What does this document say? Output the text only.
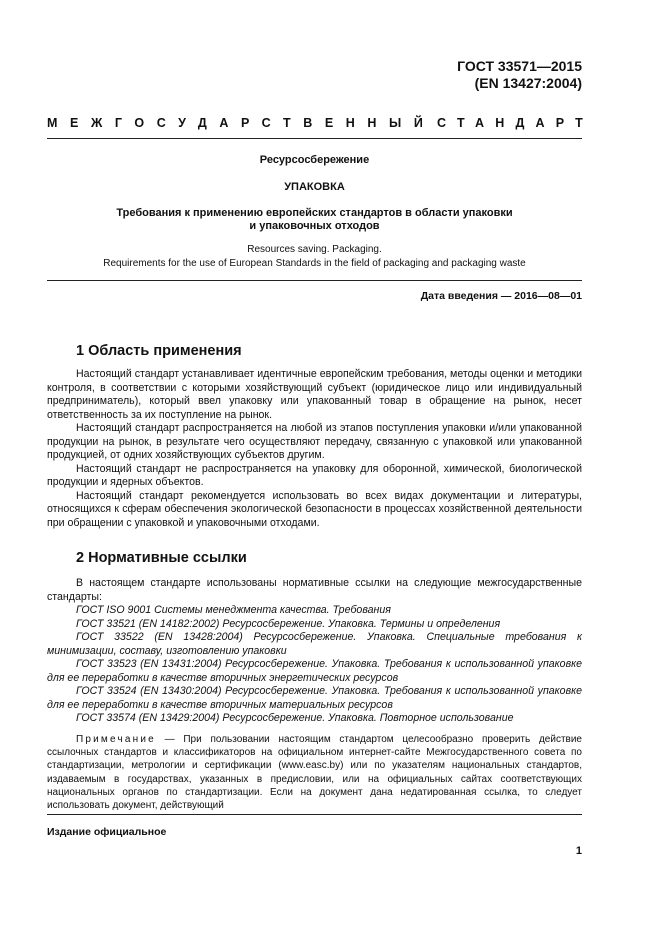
ГОСТ 33571—2015
(EN 13427:2004)
МЕЖГОСУДАРСТВЕННЫЙ СТАНДАРТ
Ресурсосбережение
УПАКОВКА
Требования к применению европейских стандартов в области упаковки
и упаковочных отходов
Resources saving. Packaging.
Requirements for the use of European Standards in the field of packaging and packaging waste
Дата введения — 2016—08—01
1 Область применения

Настоящий стандарт устанавливает идентичные европейским требования, методы оценки и методики контроля, в соответствии с которыми хозяйствующий субъект (юридическое лицо или индивидуальный предприниматель), который ввел упаковку или упакованный товар в обращение на рынок, несет ответственность за их поступление на рынок.

Настоящий стандарт распространяется на любой из этапов поступления упаковки и/или упакованной продукции на рынок, в результате чего осуществляют передачу, связанную с упаковкой или упакованной продукцией, от одних хозяйствующих субъектов другим.

Настоящий стандарт не распространяется на упаковку для оборонной, химической, биологической продукции и ядерных объектов.

Настоящий стандарт рекомендуется использовать во всех видах документации и литературы, относящихся к сферам обеспечения экологической безопасности в процессах хозяйственной деятельности при обращении с упаковкой и упаковочными отходами.

2 Нормативные ссылки

В настоящем стандарте использованы нормативные ссылки на следующие межгосударственные стандарты:

ГОСТ ISO 9001 Системы менеджмента качества. Требования

ГОСТ 33521 (EN 14182:2002) Ресурсосбережение. Упаковка. Термины и определения

ГОСТ 33522 (EN 13428:2004) Ресурсосбережение. Упаковка. Специальные требования к минимизации, составу, изготовлению упаковки

ГОСТ 33523 (EN 13431:2004) Ресурсосбережение. Упаковка. Требования к использованной упаковке для ее переработки в качестве вторичных энергетических ресурсов

ГОСТ 33524 (EN 13430:2004) Ресурсосбережение. Упаковка. Требования к использованной упаковке для ее переработки в качестве вторичных материальных ресурсов

ГОСТ 33574 (EN 13429:2004) Ресурсосбережение. Упаковка. Повторное использование

Примечание — При пользовании настоящим стандартом целесообразно проверить действие ссылочных стандартов и классификаторов на официальном интернет-сайте Межгосударственного совета по стандартизации, метрологии и сертификации (www.easc.by) или по указателям национальных стандартов, издаваемым в государствах, указанных в предисловии, или на официальных сайтах соответствующих национальных органов по стандартизации. Если на документ дана недатированная ссылка, то следует использовать документ, действующий

Издание официальное
1
